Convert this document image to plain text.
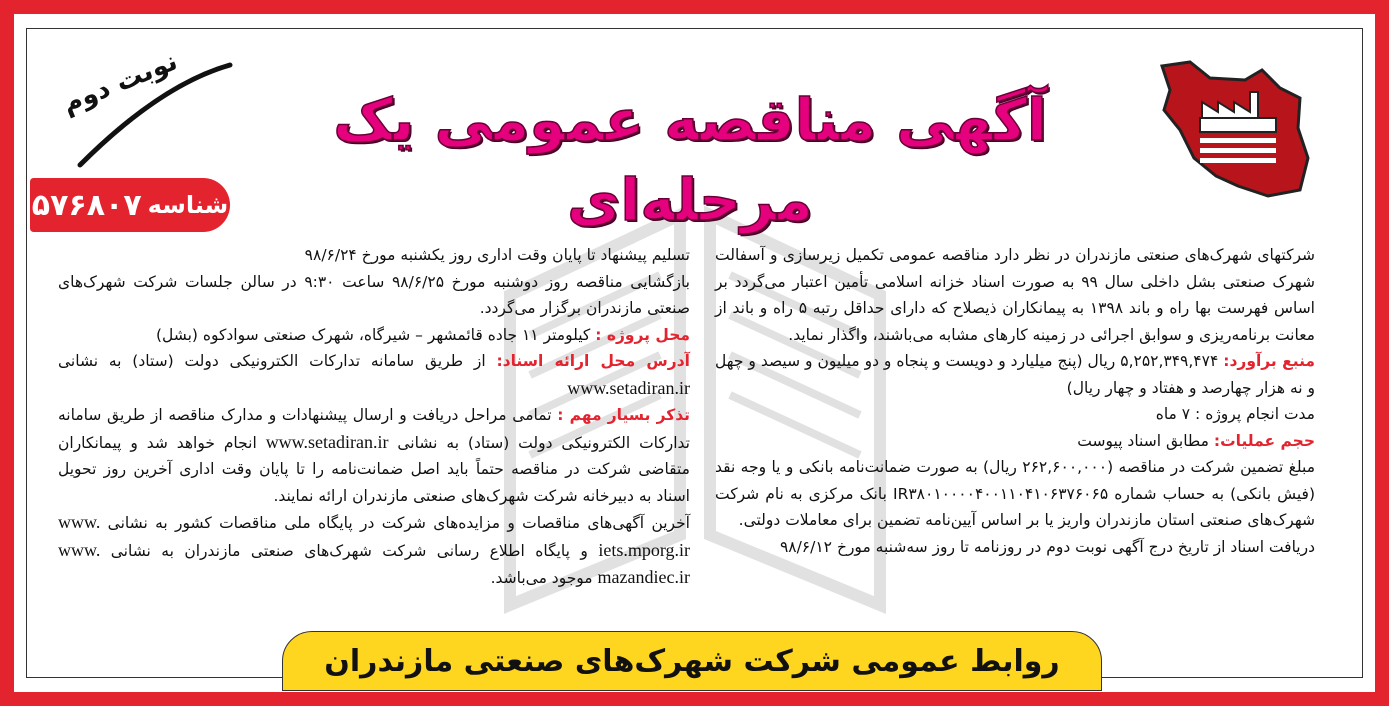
نوبت دوم
آگهی مناقصه عمومی یک مرحله‌ای
شناسه
۵۷۶۸۰۷

شرکتهای شهرک‌های صنعتی مازندران در نظر دارد مناقصه عمومی تکمیل زیرسازی و آسفالت شهرک صنعتی بشل داخلی سال ۹۹ به صورت اسناد خزانه اسلامی تأمین اعتبار می‌گردد بر اساس فهرست بها راه و باند ۱۳۹۸ به پیمانکاران ذیصلاح که دارای حداقل رتبه ۵ راه و باند از معانت برنامه‌ریزی و سوابق اجرائی در زمینه کارهای مشابه می‌باشند، واگذار نماید.

منبع برآورد: ۵,۲۵۲,۳۴۹,۴۷۴ ریال (پنج میلیارد و دویست و پنجاه و دو میلیون و سیصد و چهل و نه هزار چهارصد و هفتاد و چهار ریال)

مدت انجام پروژه : ۷ ماه

حجم عملیات: مطابق اسناد پیوست

مبلغ تضمین شرکت در مناقصه (۲۶۲,۶۰۰,۰۰۰ ریال) به صورت ضمانت‌نامه بانکی و یا وجه نقد (فیش بانکی) به حساب شماره IR۳۸۰۱۰۰۰۰۴۰۰۱۱۰۴۱۰۶۳۷۶۰۶۵ بانک مرکزی به نام شرکت شهرک‌های صنعتی استان مازندران واریز یا بر اساس آیین‌نامه تضمین برای معاملات دولتی.

دریافت اسناد از تاریخ درج آگهی نوبت دوم در روزنامه تا روز سه‌شنبه مورخ ۹۸/۶/۱۲

تسلیم پیشنهاد تا پایان وقت اداری روز یکشنبه مورخ ۹۸/۶/۲۴

بازگشایی مناقصه روز دوشنبه مورخ ۹۸/۶/۲۵ ساعت ۹:۳۰ در سالن جلسات شرکت شهرک‌های صنعتی مازندران برگزار می‌گردد.

محل پروژه : کیلومتر ۱۱ جاده قائمشهر – شیرگاه، شهرک صنعتی سوادکوه (بشل)

آدرس محل ارائه اسناد: از طریق سامانه تدارکات الکترونیکی دولت (ستاد) به نشانی www.setadiran.ir

تذکر بسیار مهم : تمامی مراحل دریافت و ارسال پیشنهادات و مدارک مناقصه از طریق سامانه تدارکات الکترونیکی دولت (ستاد) به نشانی www.setadiran.ir انجام خواهد شد و پیمانکاران متقاضی شرکت در مناقصه حتماً باید اصل ضمانت‌نامه را تا پایان وقت اداری آخرین روز تحویل اسناد به دبیرخانه شرکت شهرک‌های صنعتی مازندران ارائه نمایند.

آخرین آگهی‌های مناقصات و مزایده‌های شرکت در پایگاه ملی مناقصات کشور به نشانی www. iets.mporg.ir و پایگاه اطلاع رسانی شرکت شهرک‌های صنعتی مازندران به نشانی www. mazandiec.ir موجود می‌باشد.

روابط عمومی شرکت شهرک‌های صنعتی مازندران
